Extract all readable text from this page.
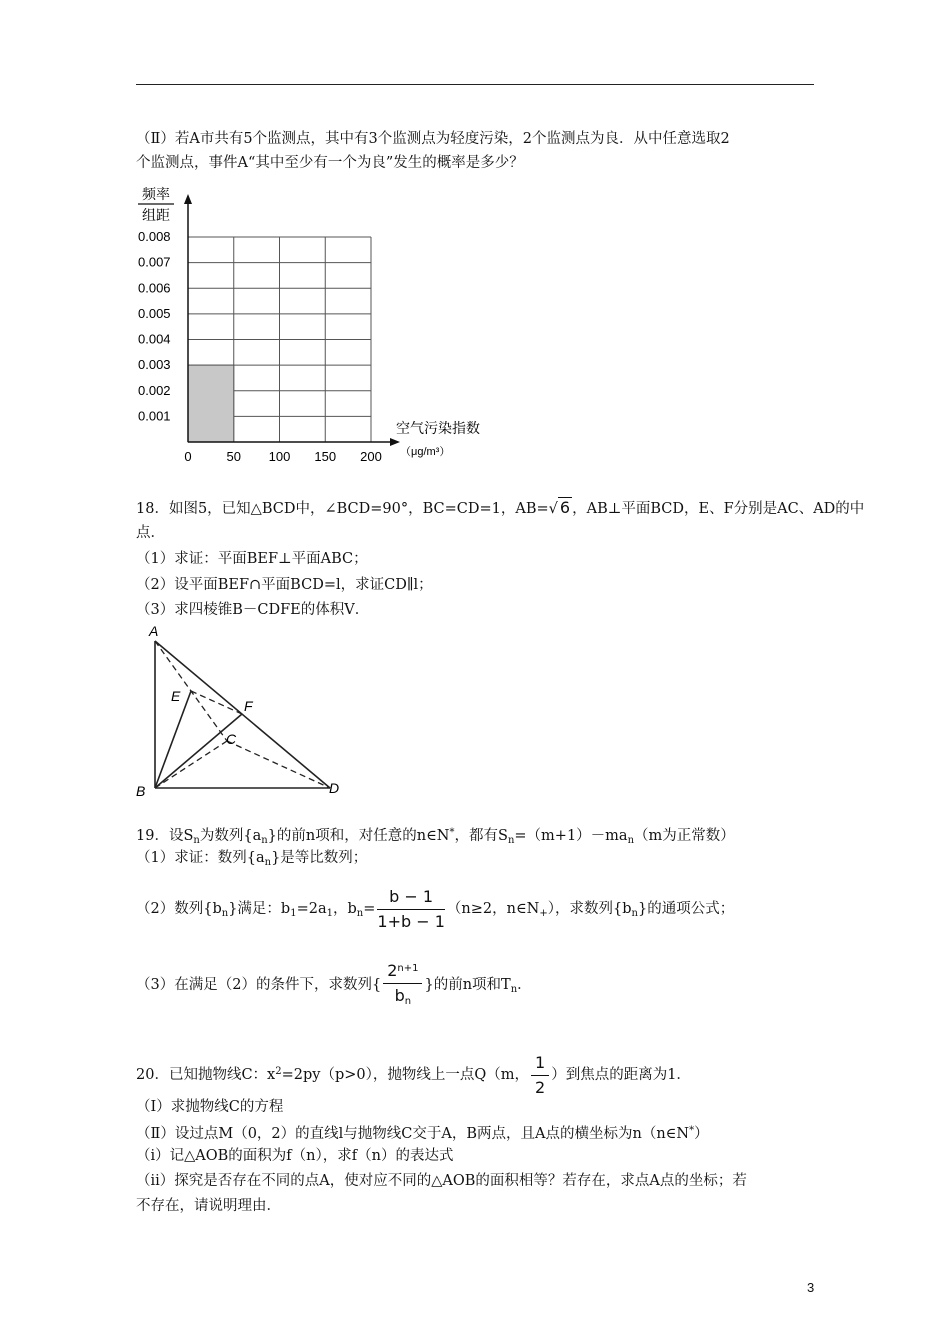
（Ⅱ）若A市共有5个监测点，其中有3个监测点为轻度污染，2个监测点为良．从中任意选取2
个监测点，事件A“其中至少有一个为良”发生的概率是多少？
频率
组距
0.001
0.002
0.003
0.004
0.005
0.006
0.007
0.008
0	50 100 150 200
空气污染指数
（μg/m³）
18．如图5，已知△BCD中，∠BCD=90°，BC=CD=1，AB=√ 6 ，AB⊥平面BCD，E、F分别是AC、AD的中
点．
（1）求证：平面BEF⊥平面ABC；
（2）设平面BEF∩平面BCD=l，求证CD∥l；
（3）求四棱锥B－CDFE的体积V．
A
B
C
D
E
F
19．设$S_n$为数列$\{a_n\}$的前n项和，对任意的n∈N*，都有$S_n=(m+1)-ma_n(m$为正常数）
（1）求证：数列$\{a_n\}$是等比数列；
（2）数列$\{b_n\}$满足：$b_1=2a_1$，$b_n= \frac{b - 1}{1+b - 1} (n\ge 2$，$n\in N_+$），求数列$\{b_n\}$的通项公式；
（3）在满足（2）的条件下，求数列{ $\frac{2^{n+1}}{b_n}$ }的前n项和$T_n$．
20．已知抛物线C：$x^2=2py(p>0)$，抛物线上一点Q（m， $\frac{1}{2}$ ）到焦点的距离为1．
（Ⅰ）求抛物线C的方程
（Ⅱ）设过点M（0，2）的直线l与抛物线C交于A，B两点，且A点的横坐标为n（n∈N*）
（ⅰ）记△AOB的面积为f（n），求f（n）的表达式
（ⅱ）探究是否存在不同的点A，使对应不同的△AOB的面积相等？若存在，求点A点的坐标；若
不存在，请说明理由．
3
